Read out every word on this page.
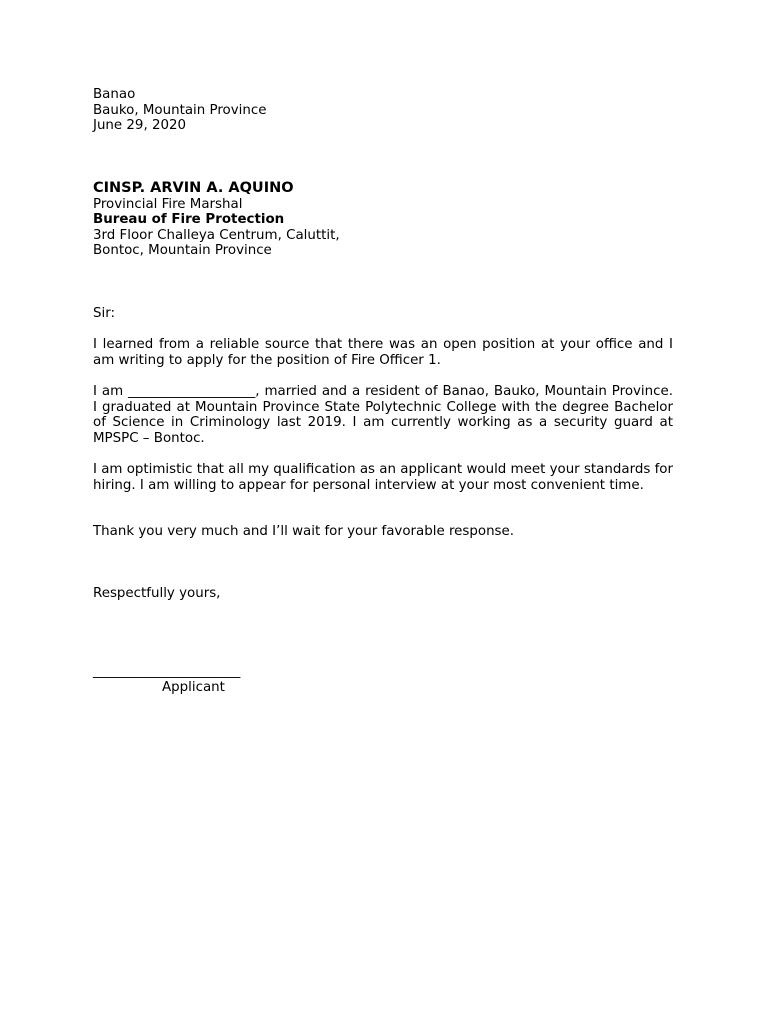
Banao
Bauko, Mountain Province
June 29, 2020
CINSP. ARVIN A. AQUINO
Provincial Fire Marshal
Bureau of Fire Protection
3rd Floor Challeya Centrum, Caluttit,
Bontoc, Mountain Province
Sir:
I learned from a reliable source that there was an open position at your office and I am writing to apply for the position of Fire Officer 1.
I am ___________________, married and a resident of Banao, Bauko, Mountain Province. I graduated at Mountain Province State Polytechnic College with the degree Bachelor of Science in Criminology last 2019. I am currently working as a security guard at MPSPC – Bontoc.
I am optimistic that all my qualification as an applicant would meet your standards for hiring. I am willing to appear for personal interview at your most convenient time.
Thank you very much and I’ll wait for your favorable response.
Respectfully yours,
______________________
Applicant
